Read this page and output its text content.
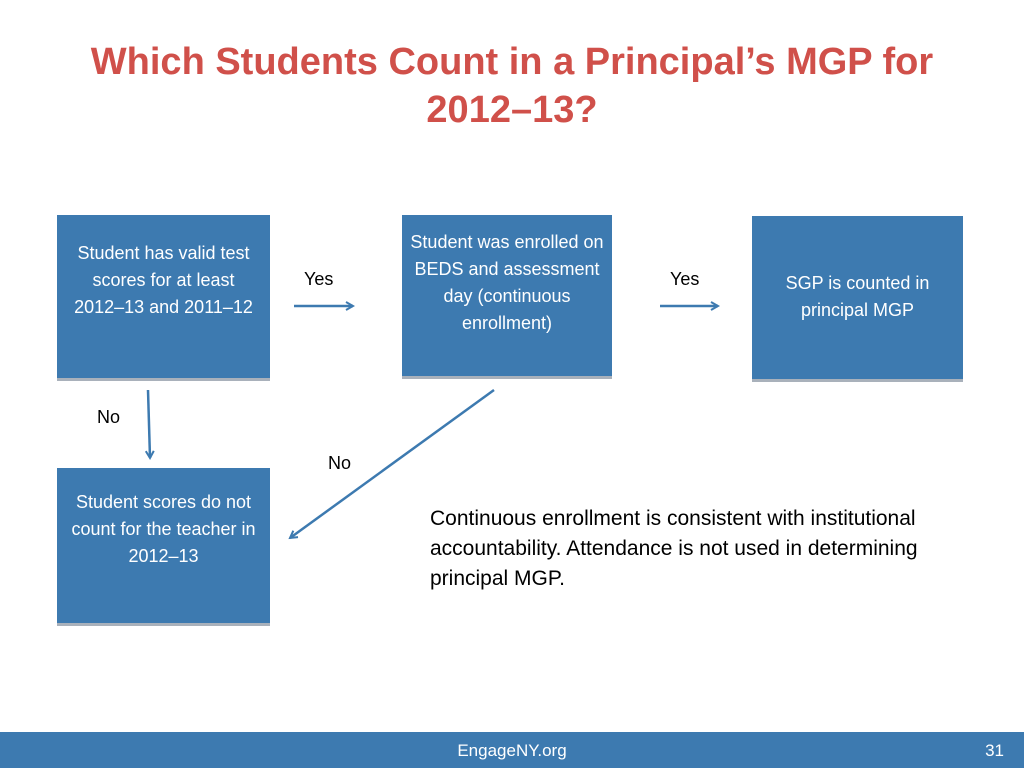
Which Students Count in a Principal’s MGP for 2012–13?
Student has valid test scores for at least 2012–13 and 2011–12
Student was enrolled on BEDS and assessment day (continuous enrollment)
SGP is counted in principal MGP
Student scores do not count for the teacher in 2012–13
Yes	Yes
No
No
Continuous enrollment is consistent with institutional accountability. Attendance is not used in determining principal MGP.
EngageNY.org	31
